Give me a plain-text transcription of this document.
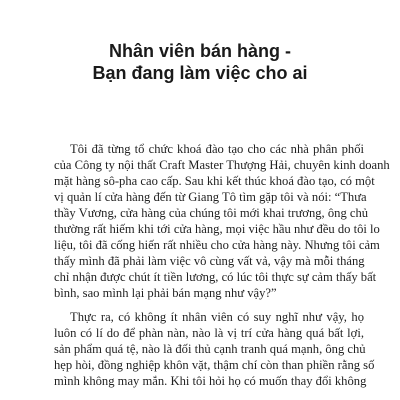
Nhân viên bán hàng -
Bạn đang làm việc cho ai
Tôi đã từng tổ chức khoá đào tạo cho các nhà phân phối
của Công ty nội thất Craft Master Thượng Hải, chuyên kinh doanh
mặt hàng sô-pha cao cấp. Sau khi kết thúc khoá đào tạo, có một
vị quản lí cửa hàng đến từ Giang Tô tìm gặp tôi và nói: “Thưa
thầy Vương, cửa hàng của chúng tôi mới khai trương, ông chủ
thường rất hiếm khi tới cửa hàng, mọi việc hầu như đều do tôi lo
liệu, tôi đã cống hiến rất nhiều cho cửa hàng này. Nhưng tôi cảm
thấy mình đã phải làm việc vô cùng vất vả, vậy mà mỗi tháng
chỉ nhận được chút ít tiền lương, có lúc tôi thực sự cảm thấy bất
bình, sao mình lại phải bán mạng như vậy?”
Thực ra, có không ít nhân viên có suy nghĩ như vậy, họ
luôn có lí do để phàn nàn, nào là vị trí cửa hàng quá bất lợi,
sản phẩm quá tệ, nào là đối thủ cạnh tranh quá mạnh, ông chủ
hẹp hòi, đồng nghiệp khôn vặt, thậm chí còn than phiền rằng số
mình không may mắn. Khi tôi hỏi họ có muốn thay đổi không
